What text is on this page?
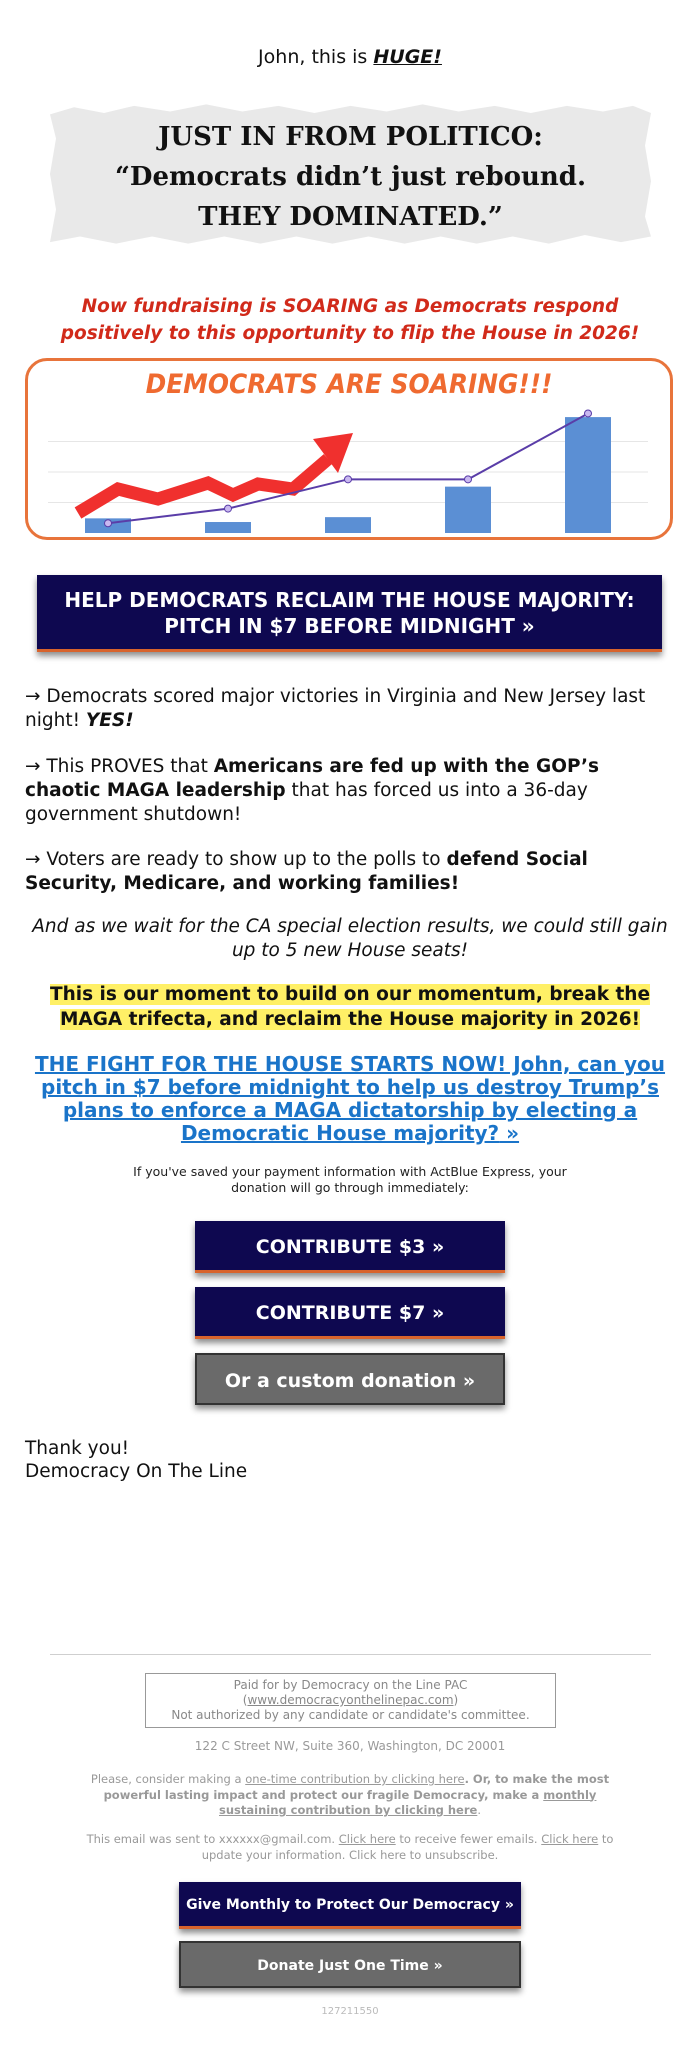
John, this is HUGE!
JUST IN FROM POLITICO:
“Democrats didn’t just rebound.
THEY DOMINATED.”
Now fundraising is SOARING as Democrats respond positively to this opportunity to flip the House in 2026!
DEMOCRATS ARE SOARING!!!
HELP DEMOCRATS RECLAIM THE HOUSE MAJORITY: PITCH IN $7 BEFORE MIDNIGHT »
→ Democrats scored major victories in Virginia and New Jersey last night! YES!
→ This PROVES that Americans are fed up with the GOP’s chaotic MAGA leadership that has forced us into a 36-day government shutdown!
→ Voters are ready to show up to the polls to defend Social Security, Medicare, and working families!
And as we wait for the CA special election results, we could still gain up to 5 new House seats!
This is our moment to build on our momentum, break the MAGA trifecta, and reclaim the House majority in 2026!
THE FIGHT FOR THE HOUSE STARTS NOW! John, can you pitch in $7 before midnight to help us destroy Trump’s plans to enforce a MAGA dictatorship by electing a Democratic House majority? »
If you've saved your payment information with ActBlue Express, your donation will go through immediately:
CONTRIBUTE $3 »
CONTRIBUTE $7 »
Or a custom donation »
Thank you!
Democracy On The Line
Paid for by Democracy on the Line PAC
(www.democracyonthelinepac.com)
Not authorized by any candidate or candidate's committee.
122 C Street NW, Suite 360, Washington, DC 20001
Please, consider making a one-time contribution by clicking here. Or, to make the most powerful lasting impact and protect our fragile Democracy, make a monthly sustaining contribution by clicking here.
This email was sent to xxxxxx@gmail.com. Click here to receive fewer emails. Click here to update your information. Click here to unsubscribe.
Give Monthly to Protect Our Democracy »
Donate Just One Time »
127211550
